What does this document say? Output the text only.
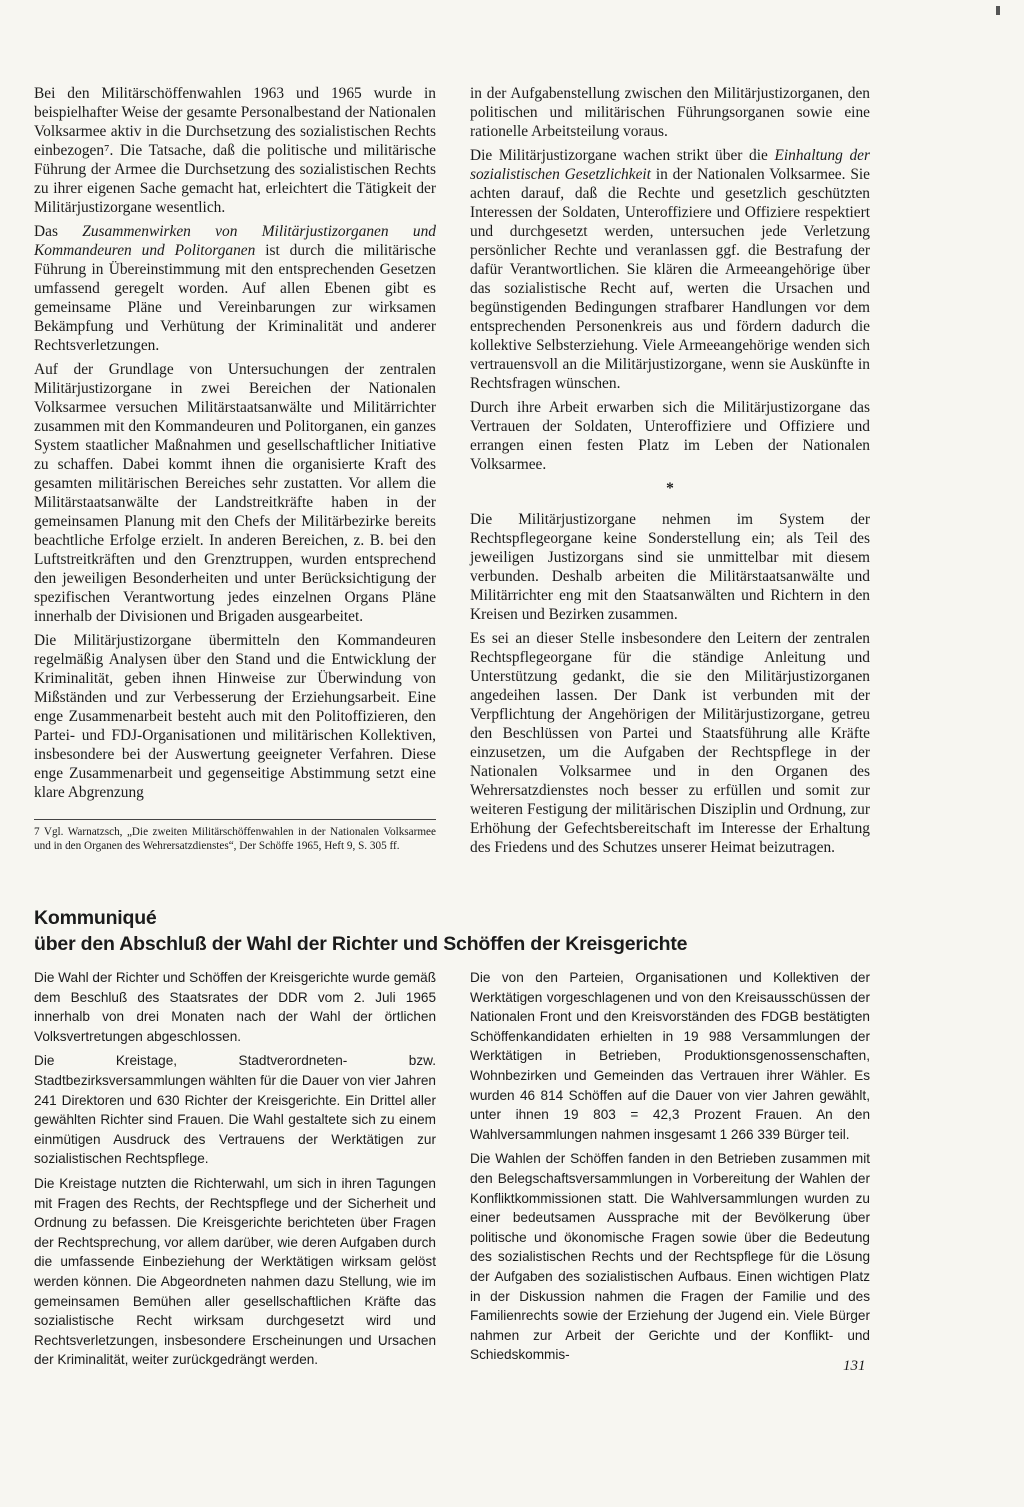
Bei den Militärschöffenwahlen 1963 und 1965 wurde in beispielhafter Weise der gesamte Personalbestand der Nationalen Volksarmee aktiv in die Durchsetzung des sozialistischen Rechts einbezogen⁷. Die Tatsache, daß die politische und militärische Führung der Armee die Durchsetzung des sozialistischen Rechts zu ihrer eigenen Sache gemacht hat, erleichtert die Tätigkeit der Militärjustizorgane wesentlich.

Das Zusammenwirken von Militärjustizorganen und Kommandeuren und Politorganen ist durch die militärische Führung in Übereinstimmung mit den entsprechenden Gesetzen umfassend geregelt worden. Auf allen Ebenen gibt es gemeinsame Pläne und Vereinbarungen zur wirksamen Bekämpfung und Verhütung der Kriminalität und anderer Rechtsverletzungen.

Auf der Grundlage von Untersuchungen der zentralen Militärjustizorgane in zwei Bereichen der Nationalen Volksarmee versuchen Militärstaatsanwälte und Militärrichter zusammen mit den Kommandeuren und Politorganen, ein ganzes System staatlicher Maßnahmen und gesellschaftlicher Initiative zu schaffen. Dabei kommt ihnen die organisierte Kraft des gesamten militärischen Bereiches sehr zustatten. Vor allem die Militärstaatsanwälte der Landstreitkräfte haben in der gemeinsamen Planung mit den Chefs der Militärbezirke bereits beachtliche Erfolge erzielt. In anderen Bereichen, z. B. bei den Luftstreitkräften und den Grenztruppen, wurden entsprechend den jeweiligen Besonderheiten und unter Berücksichtigung der spezifischen Verantwortung jedes einzelnen Organs Pläne innerhalb der Divisionen und Brigaden ausgearbeitet.

Die Militärjustizorgane übermitteln den Kommandeuren regelmäßig Analysen über den Stand und die Entwicklung der Kriminalität, geben ihnen Hinweise zur Überwindung von Mißständen und zur Verbesserung der Erziehungsarbeit. Eine enge Zusammenarbeit besteht auch mit den Politoffizieren, den Partei- und FDJ-Organisationen und militärischen Kollektiven, insbesondere bei der Auswertung geeigneter Verfahren. Diese enge Zusammenarbeit und gegenseitige Abstimmung setzt eine klare Abgrenzung

7 Vgl. Warnatzsch, „Die zweiten Militärschöffenwahlen in der Nationalen Volksarmee und in den Organen des Wehrersatzdienstes“, Der Schöffe 1965, Heft 9, S. 305 ff.

in der Aufgabenstellung zwischen den Militärjustizorganen, den politischen und militärischen Führungsorganen sowie eine rationelle Arbeitsteilung voraus.

Die Militärjustizorgane wachen strikt über die Einhaltung der sozialistischen Gesetzlichkeit in der Nationalen Volksarmee. Sie achten darauf, daß die Rechte und gesetzlich geschützten Interessen der Soldaten, Unteroffiziere und Offiziere respektiert und durchgesetzt werden, untersuchen jede Verletzung persönlicher Rechte und veranlassen ggf. die Bestrafung der dafür Verantwortlichen. Sie klären die Armeeangehörige über das sozialistische Recht auf, werten die Ursachen und begünstigenden Bedingungen strafbarer Handlungen vor dem entsprechenden Personenkreis aus und fördern dadurch die kollektive Selbsterziehung. Viele Armeeangehörige wenden sich vertrauensvoll an die Militärjustizorgane, wenn sie Auskünfte in Rechtsfragen wünschen.

Durch ihre Arbeit erwarben sich die Militärjustizorgane das Vertrauen der Soldaten, Unteroffiziere und Offiziere und errangen einen festen Platz im Leben der Nationalen Volksarmee.

*

Die Militärjustizorgane nehmen im System der Rechtspflegeorgane keine Sonderstellung ein; als Teil des jeweiligen Justizorgans sind sie unmittelbar mit diesem verbunden. Deshalb arbeiten die Militärstaatsanwälte und Militärrichter eng mit den Staatsanwälten und Richtern in den Kreisen und Bezirken zusammen.

Es sei an dieser Stelle insbesondere den Leitern der zentralen Rechtspflegeorgane für die ständige Anleitung und Unterstützung gedankt, die sie den Militärjustizorganen angedeihen lassen. Der Dank ist verbunden mit der Verpflichtung der Angehörigen der Militärjustizorgane, getreu den Beschlüssen von Partei und Staatsführung alle Kräfte einzusetzen, um die Aufgaben der Rechtspflege in der Nationalen Volksarmee und in den Organen des Wehrersatzdienstes noch besser zu erfüllen und somit zur weiteren Festigung der militärischen Disziplin und Ordnung, zur Erhöhung der Gefechtsbereitschaft im Interesse der Erhaltung des Friedens und des Schutzes unserer Heimat beizutragen.

Kommuniqué
über den Abschluß der Wahl der Richter und Schöffen der Kreisgerichte

Die Wahl der Richter und Schöffen der Kreisgerichte wurde gemäß dem Beschluß des Staatsrates der DDR vom 2. Juli 1965 innerhalb von drei Monaten nach der Wahl der örtlichen Volksvertretungen abgeschlossen.

Die Kreistage, Stadtverordneten- bzw. Stadtbezirksversammlungen wählten für die Dauer von vier Jahren 241 Direktoren und 630 Richter der Kreisgerichte. Ein Drittel aller gewählten Richter sind Frauen. Die Wahl gestaltete sich zu einem einmütigen Ausdruck des Vertrauens der Werktätigen zur sozialistischen Rechtspflege.

Die Kreistage nutzten die Richterwahl, um sich in ihren Tagungen mit Fragen des Rechts, der Rechtspflege und der Sicherheit und Ordnung zu befassen. Die Kreisgerichte berichteten über Fragen der Rechtsprechung, vor allem darüber, wie deren Aufgaben durch die umfassende Einbeziehung der Werktätigen wirksam gelöst werden können. Die Abgeordneten nahmen dazu Stellung, wie im gemeinsamen Bemühen aller gesellschaftlichen Kräfte das sozialistische Recht wirksam durchgesetzt wird und Rechtsverletzungen, insbesondere Erscheinungen und Ursachen der Kriminalität, weiter zurückgedrängt werden.

Die von den Parteien, Organisationen und Kollektiven der Werktätigen vorgeschlagenen und von den Kreisausschüssen der Nationalen Front und den Kreisvorständen des FDGB bestätigten Schöffenkandidaten erhielten in 19 988 Versammlungen der Werktätigen in Betrieben, Produktionsgenossenschaften, Wohnbezirken und Gemeinden das Vertrauen ihrer Wähler. Es wurden 46 814 Schöffen auf die Dauer von vier Jahren gewählt, unter ihnen 19 803 = 42,3 Prozent Frauen. An den Wahlversammlungen nahmen insgesamt 1 266 339 Bürger teil.

Die Wahlen der Schöffen fanden in den Betrieben zusammen mit den Belegschaftsversammlungen in Vorbereitung der Wahlen der Konfliktkommissionen statt. Die Wahlversammlungen wurden zu einer bedeutsamen Aussprache mit der Bevölkerung über politische und ökonomische Fragen sowie über die Bedeutung des sozialistischen Rechts und der Rechtspflege für die Lösung der Aufgaben des sozialistischen Aufbaus. Einen wichtigen Platz in der Diskussion nahmen die Fragen der Familie und des Familienrechts sowie der Erziehung der Jugend ein. Viele Bürger nahmen zur Arbeit der Gerichte und der Konflikt- und Schiedskommis-

131
